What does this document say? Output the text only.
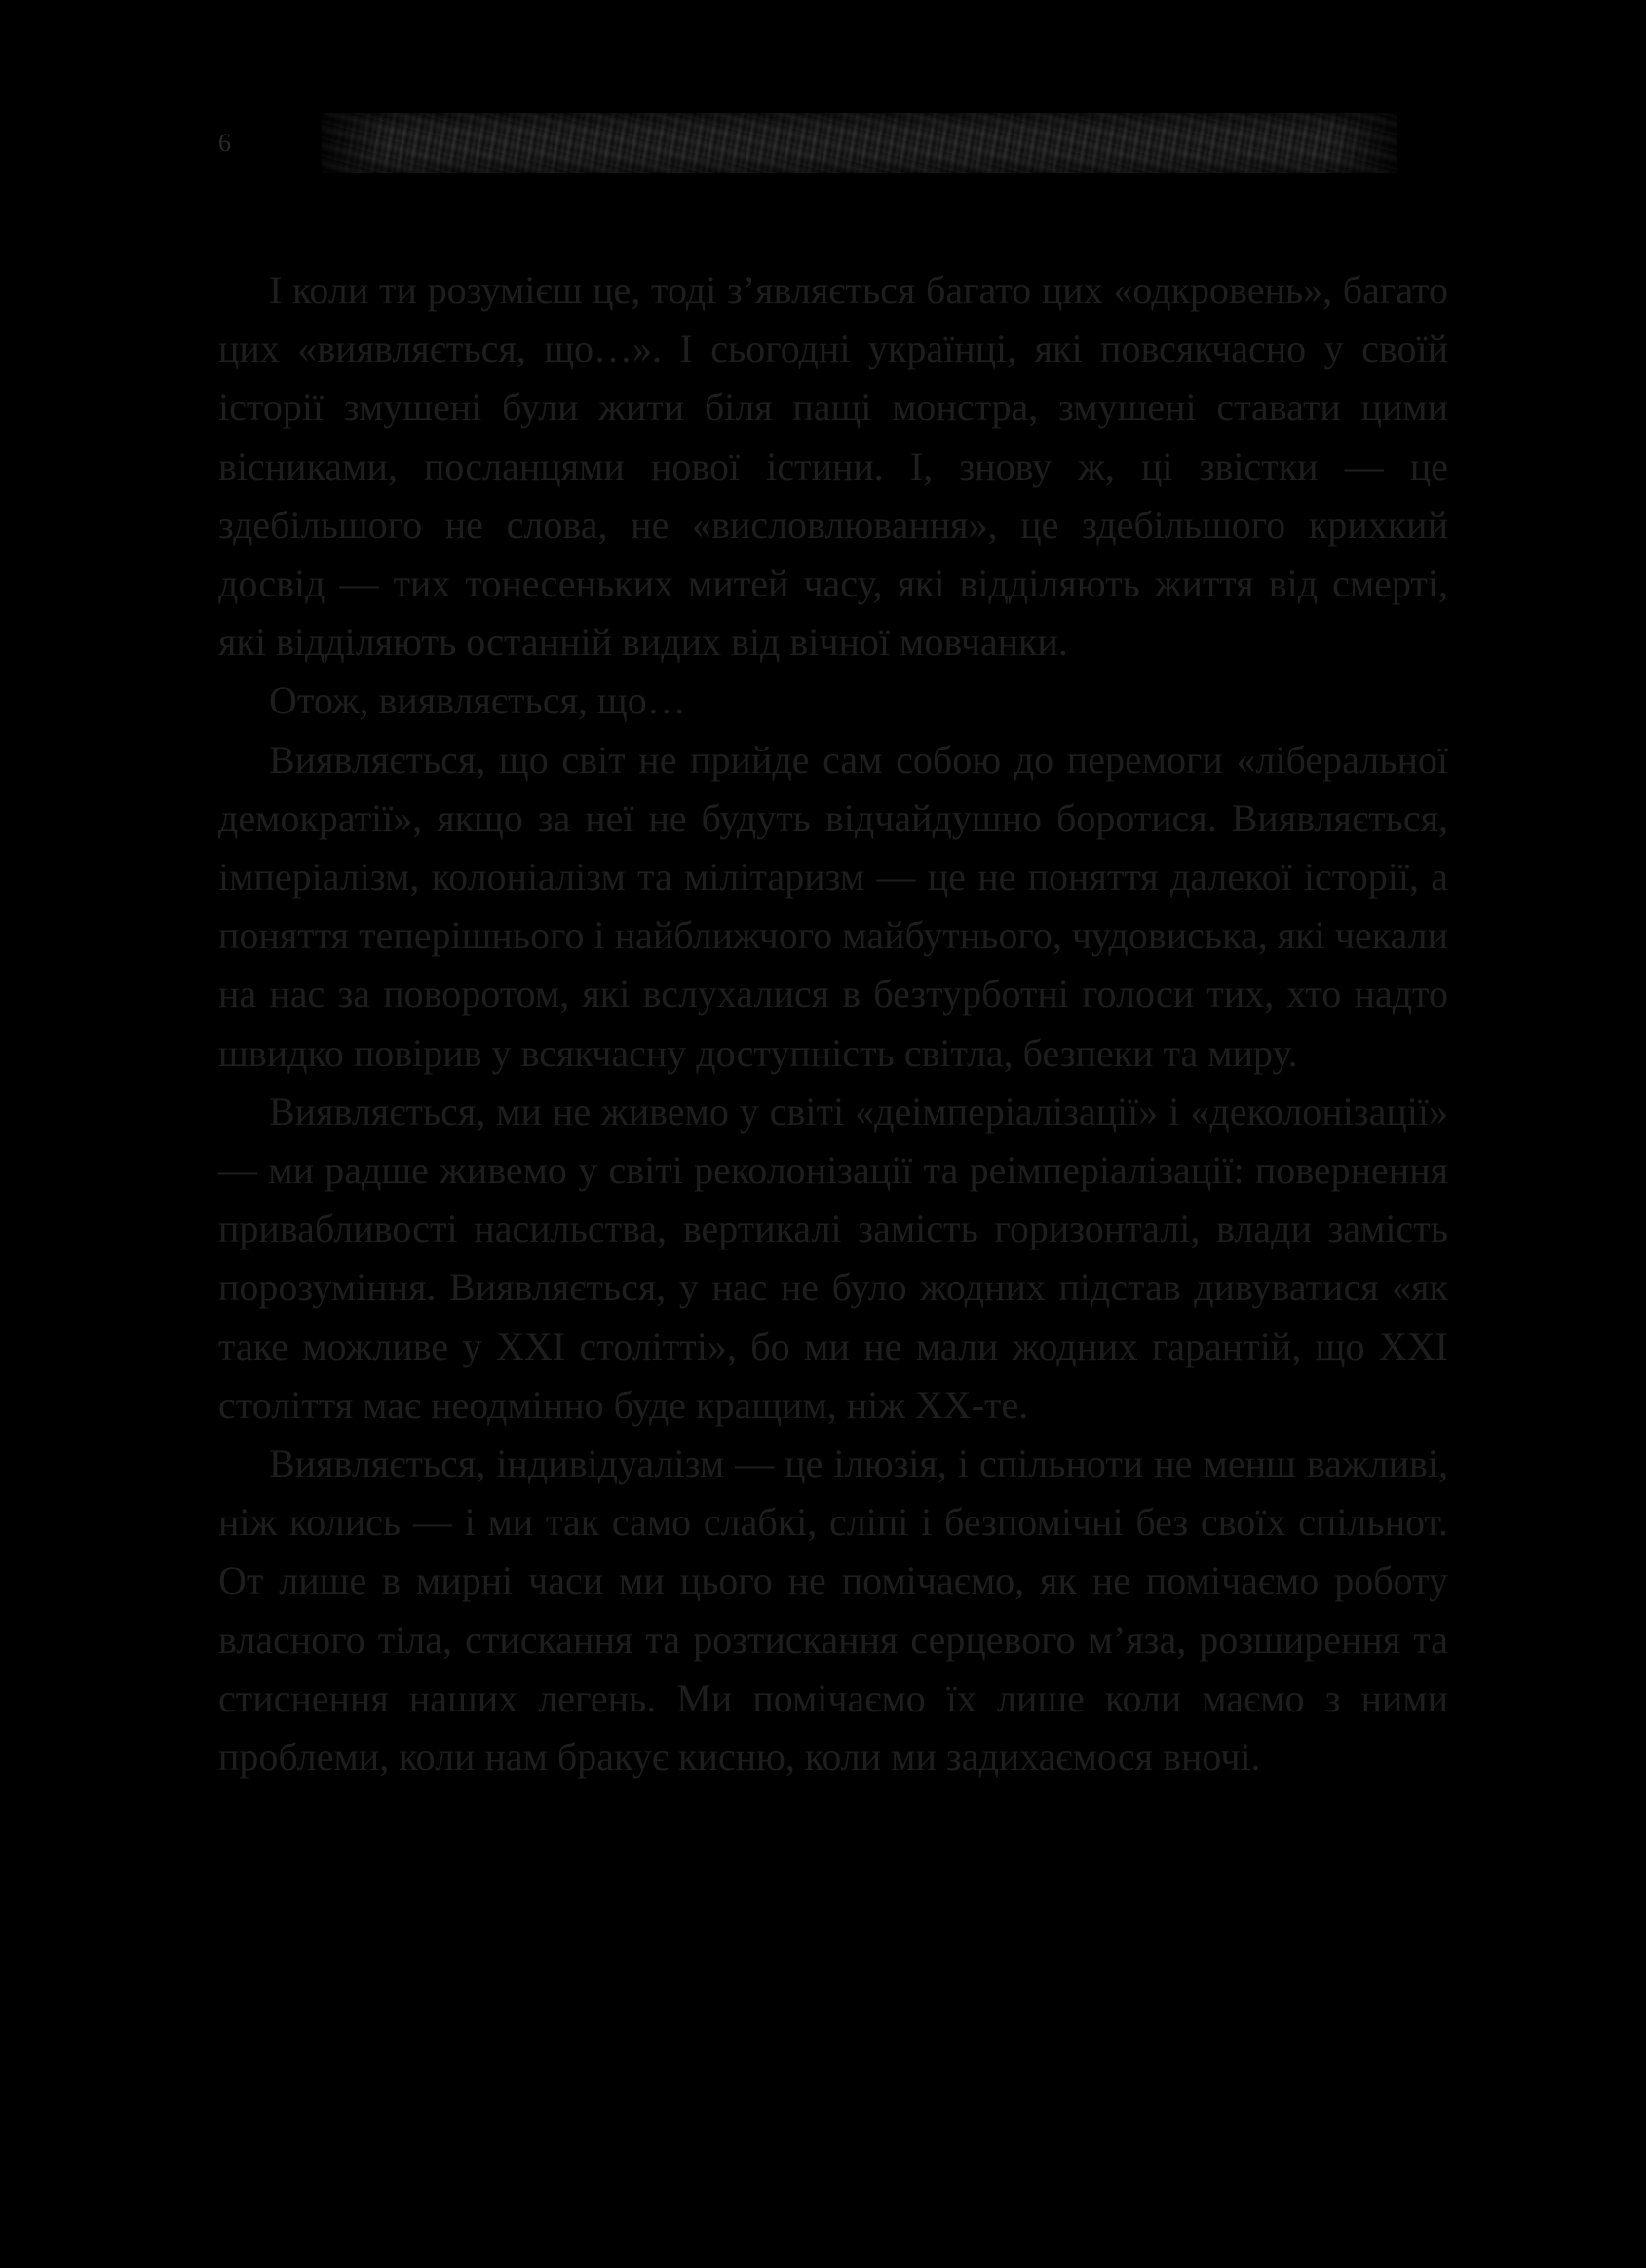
6

І коли ти розумієш це, тоді з’являється багато цих «одкровень», багато цих «виявляється, що…». І сьогодні українці, які повсякчасно у своїй історії змушені були жити біля пащі монстра, змушені ставати цими вісниками, посланцями нової істини. І, знову ж, ці звістки — це здебільшого не слова, не «висловлювання», це здебільшого крихкий досвід — тих тонесеньких митей часу, які відділяють життя від смерті, які відділяють останній видих від вічної мовчанки.

Отож, виявляється, що…

Виявляється, що світ не прийде сам собою до перемоги «ліберальної демократії», якщо за неї не будуть відчайдушно боротися. Виявляється, імперіалізм, колоніалізм та мілітаризм — це не поняття далекої історії, а поняття теперішнього і найближчого майбутнього, чудовиська, які чекали на нас за поворотом, які вслухалися в безтурботні голоси тих, хто надто швидко повірив у всякчасну доступність світла, безпеки та миру.

Виявляється, ми не живемо у світі «деімперіалізації» і «деколонізації» — ми радше живемо у світі реколонізації та реімперіалізації: повернення привабливості насильства, вертикалі замість горизонталі, влади замість порозуміння. Виявляється, у нас не було жодних підстав дивуватися «як таке можливе у XXI столітті», бо ми не мали жодних гарантій, що XXI століття має неодмінно буде кращим, ніж XX-те.

Виявляється, індивідуалізм — це ілюзія, і спільноти не менш важливі, ніж колись — і ми так само слабкі, сліпі і безпомічні без своїх спільнот. От лише в мирні часи ми цього не помічаємо, як не помічаємо роботу власного тіла, стискання та розтискання серцевого м’яза, розширення та стиснення наших легень. Ми помічаємо їх лише коли маємо з ними проблеми, коли нам бракує кисню, коли ми задихаємося вночі.
